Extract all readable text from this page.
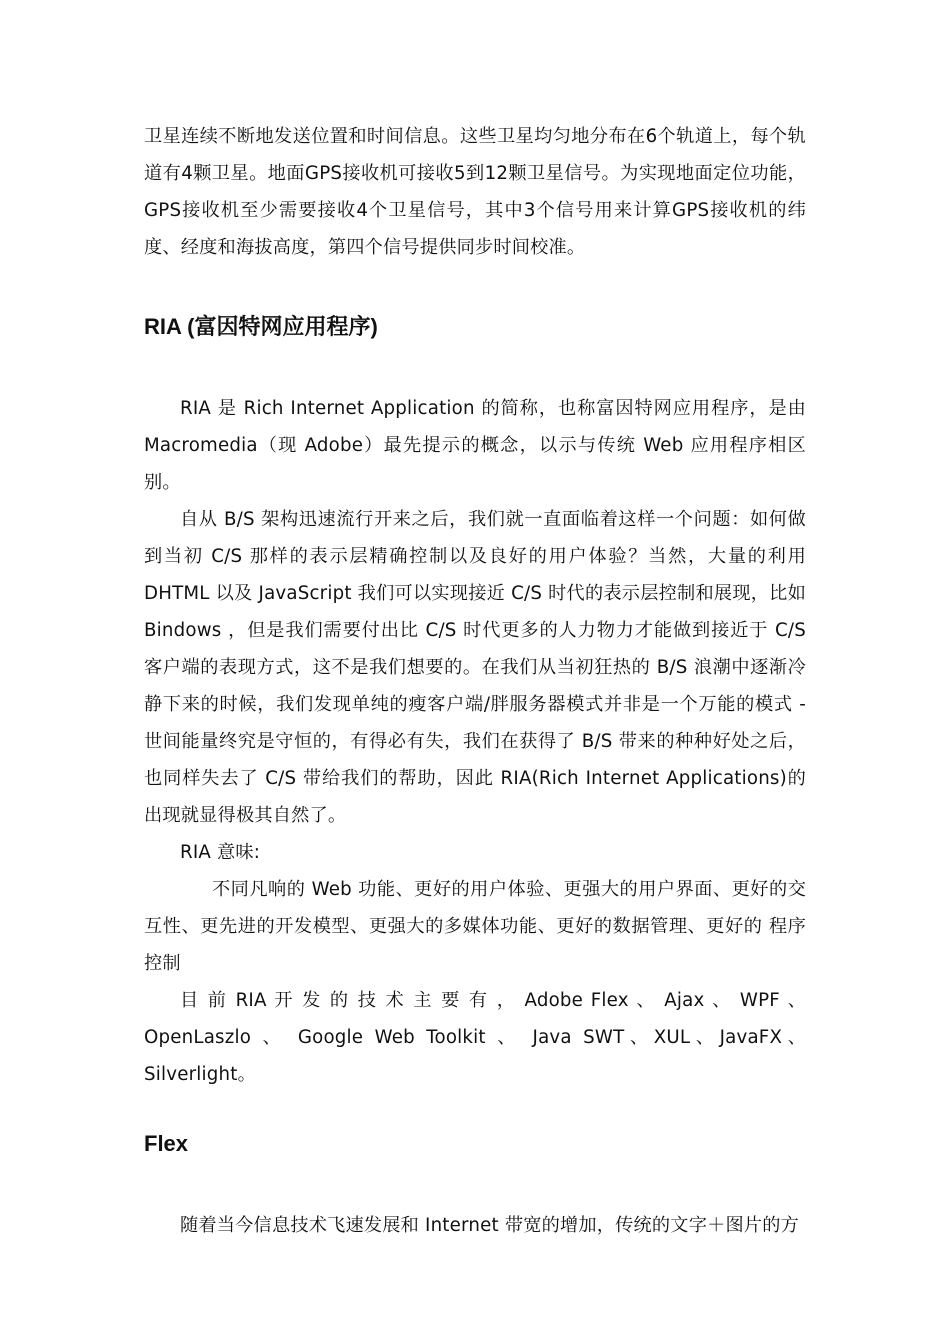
卫星连续不断地发送位置和时间信息。这些卫星均匀地分布在6个轨道上，每个轨道有4颗卫星。地面GPS接收机可接收5到12颗卫星信号。为实现地面定位功能，GPS接收机至少需要接收4个卫星信号，其中3个信号用来计算GPS接收机的纬度、经度和海拔高度，第四个信号提供同步时间校准。

RIA (富因特网应用程序)

RIA 是 Rich Internet Application 的简称，也称富因特网应用程序，是由Macromedia（现 Adobe）最先提示的概念，以示与传统 Web 应用程序相区别。

自从 B/S 架构迅速流行开来之后，我们就一直面临着这样一个问题：如何做到当初 C/S 那样的表示层精确控制以及良好的用户体验？当然，大量的利用DHTML 以及 JavaScript 我们可以实现接近 C/S 时代的表示层控制和展现，比如 Bindows ，但是我们需要付出比 C/S 时代更多的人力物力才能做到接近于 C/S 客户端的表现方式，这不是我们想要的。在我们从当初狂热的 B/S 浪潮中逐渐冷静下来的时候，我们发现单纯的瘦客户端/胖服务器模式并非是一个万能的模式 - 世间能量终究是守恒的，有得必有失，我们在获得了 B/S 带来的种种好处之后，也同样失去了 C/S 带给我们的帮助，因此 RIA(Rich Internet Applications)的出现就显得极其自然了。

RIA 意味:

不同凡响的 Web 功能、更好的用户体验、更强大的用户界面、更好的交 互性、更先进的开发模型、更强大的多媒体功能、更好的数据管理、更好的 程序控制

目 前 RIA 开 发 的 技 术 主 要 有 ， Adobe Flex 、 Ajax 、 WPF 、 OpenLaszlo 、 Google Web Toolkit 、 Java SWT、XUL、JavaFX、Silverlight。

Flex

随着当今信息技术飞速发展和 Internet 带宽的增加，传统的文字＋图片的方
